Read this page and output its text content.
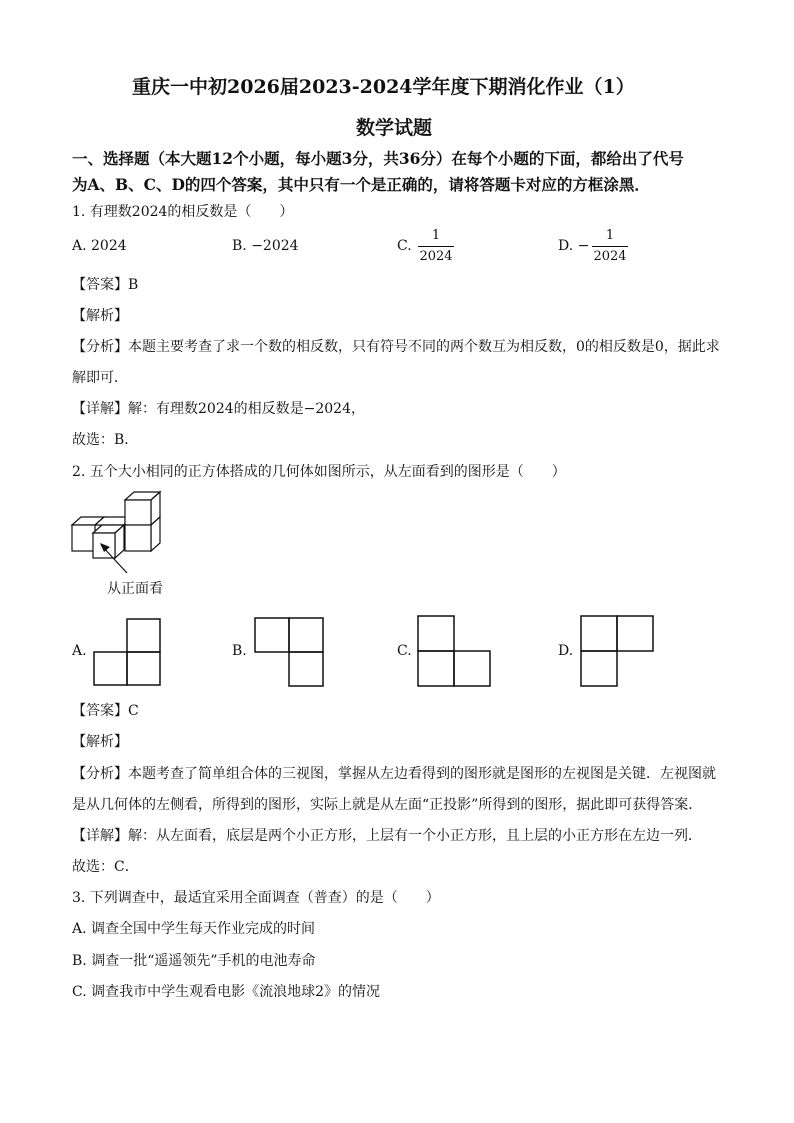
重庆一中初2026届2023-2024学年度下期消化作业（1）
数学试题
一、选择题（本大题12个小题，每小题3分，共36分）在每个小题的下面，都给出了代号
为A、B、C、D的四个答案，其中只有一个是正确的，请将答题卡对应的方框涂黑．
1. 有理数2024的相反数是（　　）
A. 2024	B. −2024	C.
1
2024
D. −
1
2024
【答案】B
【解析】
【分析】本题主要考查了求一个数的相反数，只有符号不同的两个数互为相反数，0的相反数是0，据此求
解即可．
【详解】解：有理数2024的相反数是−2024，
故选：B．
2. 五个大小相同的正方体搭成的几何体如图所示，从左面看到的图形是（　　）
从正面看
A.	B.	C.	D.
【答案】C
【解析】
【分析】本题考查了简单组合体的三视图，掌握从左边看得到的图形就是图形的左视图是关键．左视图就
是从几何体的左侧看，所得到的图形，实际上就是从左面“正投影”所得到的图形，据此即可获得答案．
【详解】解：从左面看，底层是两个小正方形，上层有一个小正方形，且上层的小正方形在左边一列．
故选：C．
3. 下列调查中，最适宜采用全面调查（普查）的是（　　）
A. 调查全国中学生每天作业完成的时间
B. 调查一批“遥遥领先”手机的电池寿命
C. 调查我市中学生观看电影《流浪地球2》的情况
